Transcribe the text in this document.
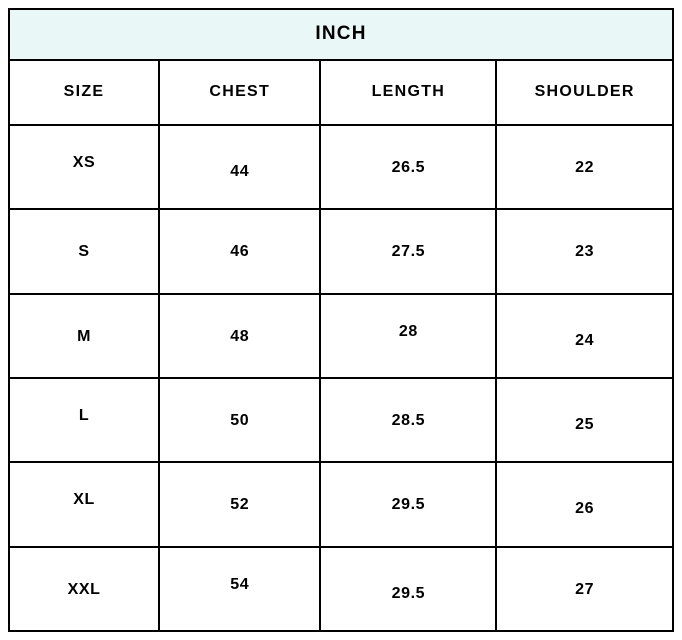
INCH			
SIZE	CHEST	LENGTH	SHOULDER
XS	44	26.5	22
S	46	27.5	23
M	48	28	24
L	50	28.5	25
XL	52	29.5	26
XXL	54	29.5	27
